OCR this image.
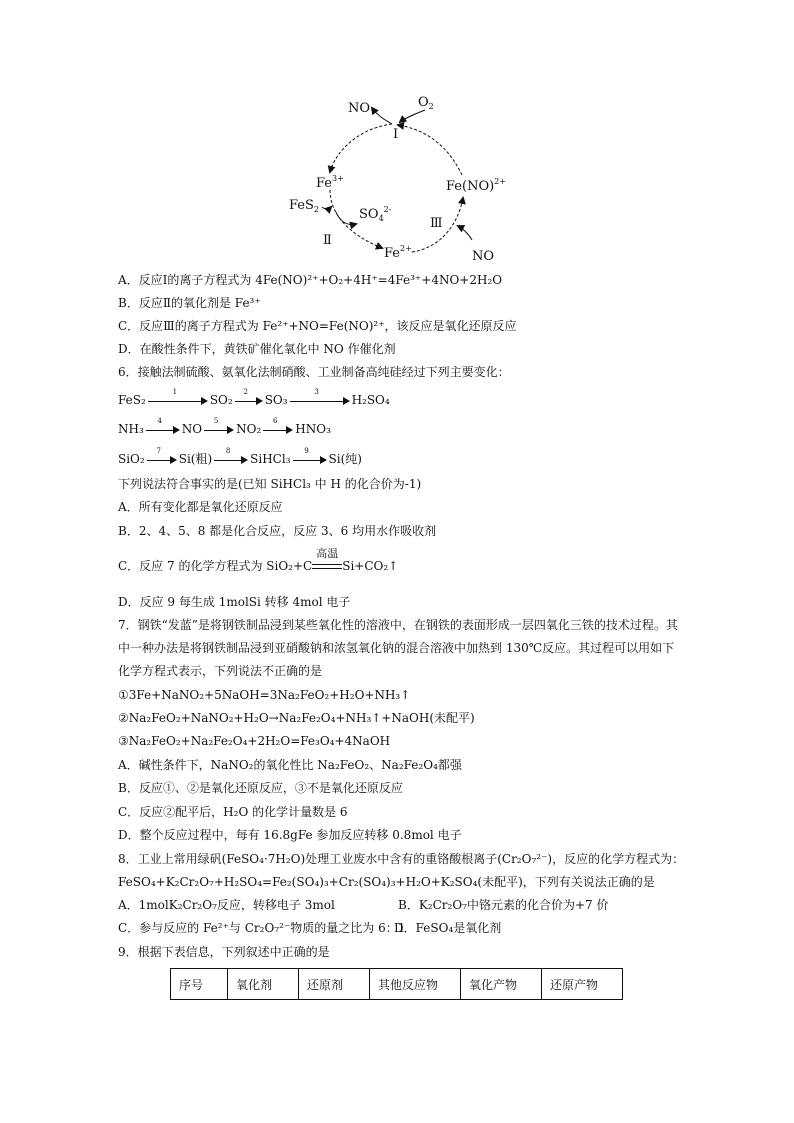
NO	$O_2$
Ⅰ
$Fe^{3+}$
FeS$_2$	$SO_4^{2-}$
Ⅱ
$Fe^{2+}$
Fe(NO)$^{2+}$
Ⅲ
NO
A．反应Ⅰ的离子方程式为 4Fe(NO)²⁺+O₂+4H⁺=4Fe³⁺+4NO+2H₂O
B．反应Ⅱ的氧化剂是 Fe³⁺
C．反应Ⅲ的离子方程式为 Fe²⁺+NO=Fe(NO)²⁺，该反应是氧化还原反应
D．在酸性条件下，黄铁矿催化氧化中 NO 作催化剂
6．接触法制硫酸、氨氧化法制硝酸、工业制备高纯硅经过下列主要变化：
FeS₂
1
SO₂
2
SO₃
3
H₂SO₄
NH₃
4
NO
5
NO₂
6
HNO₃
SiO₂
7
Si(粗)
8
SiHCl₃
9
Si(纯)
下列说法符合事实的是(已知 SiHCl₃ 中 H 的化合价为-1)
A．所有变化都是氧化还原反应
B．2、4、5、8 都是化合反应，反应 3、6 均用水作吸收剂
C．反应 7 的化学方程式为 SiO₂+C
高温
Si+CO₂↑
D．反应 9 每生成 1molSi 转移 4mol 电子
7．钢铁“发蓝”是将钢铁制品浸到某些氧化性的溶液中，在钢铁的表面形成一层四氧化三铁的技术过程。其
中一种办法是将钢铁制品浸到亚硝酸钠和浓氢氧化钠的混合溶液中加热到 130℃反应。其过程可以用如下
化学方程式表示，下列说法不正确的是
①3Fe+NaNO₂+5NaOH=3Na₂FeO₂+H₂O+NH₃↑
②Na₂FeO₂+NaNO₂+H₂O→Na₂Fe₂O₄+NH₃↑+NaOH(未配平)
③Na₂FeO₂+Na₂Fe₂O₄+2H₂O=Fe₃O₄+4NaOH
A．碱性条件下，NaNO₂的氧化性比 Na₂FeO₂、Na₂Fe₂O₄都强
B．反应①、②是氧化还原反应，③不是氧化还原反应
C．反应②配平后，H₂O 的化学计量数是 6
D．整个反应过程中，每有 16.8gFe 参加反应转移 0.8mol 电子
8．工业上常用绿矾(FeSO₄·7H₂O)处理工业废水中含有的重铬酸根离子(Cr₂O₇²⁻)，反应的化学方程式为：
FeSO₄+K₂Cr₂O₇+H₂SO₄=Fe₂(SO₄)₃+Cr₂(SO₄)₃+H₂O+K₂SO₄(未配平)，下列有关说法正确的是
A．1molK₂Cr₂O₇反应，转移电子 3mol	B．K₂Cr₂O₇中铬元素的化合价为+7 价
C．参与反应的 Fe²⁺与 Cr₂O₇²⁻物质的量之比为 6：1
D．FeSO₄是氧化剂
9．根据下表信息，下列叙述中正确的是
序号	氧化剂	还原剂	其他反应物	氧化产物	还原产物
